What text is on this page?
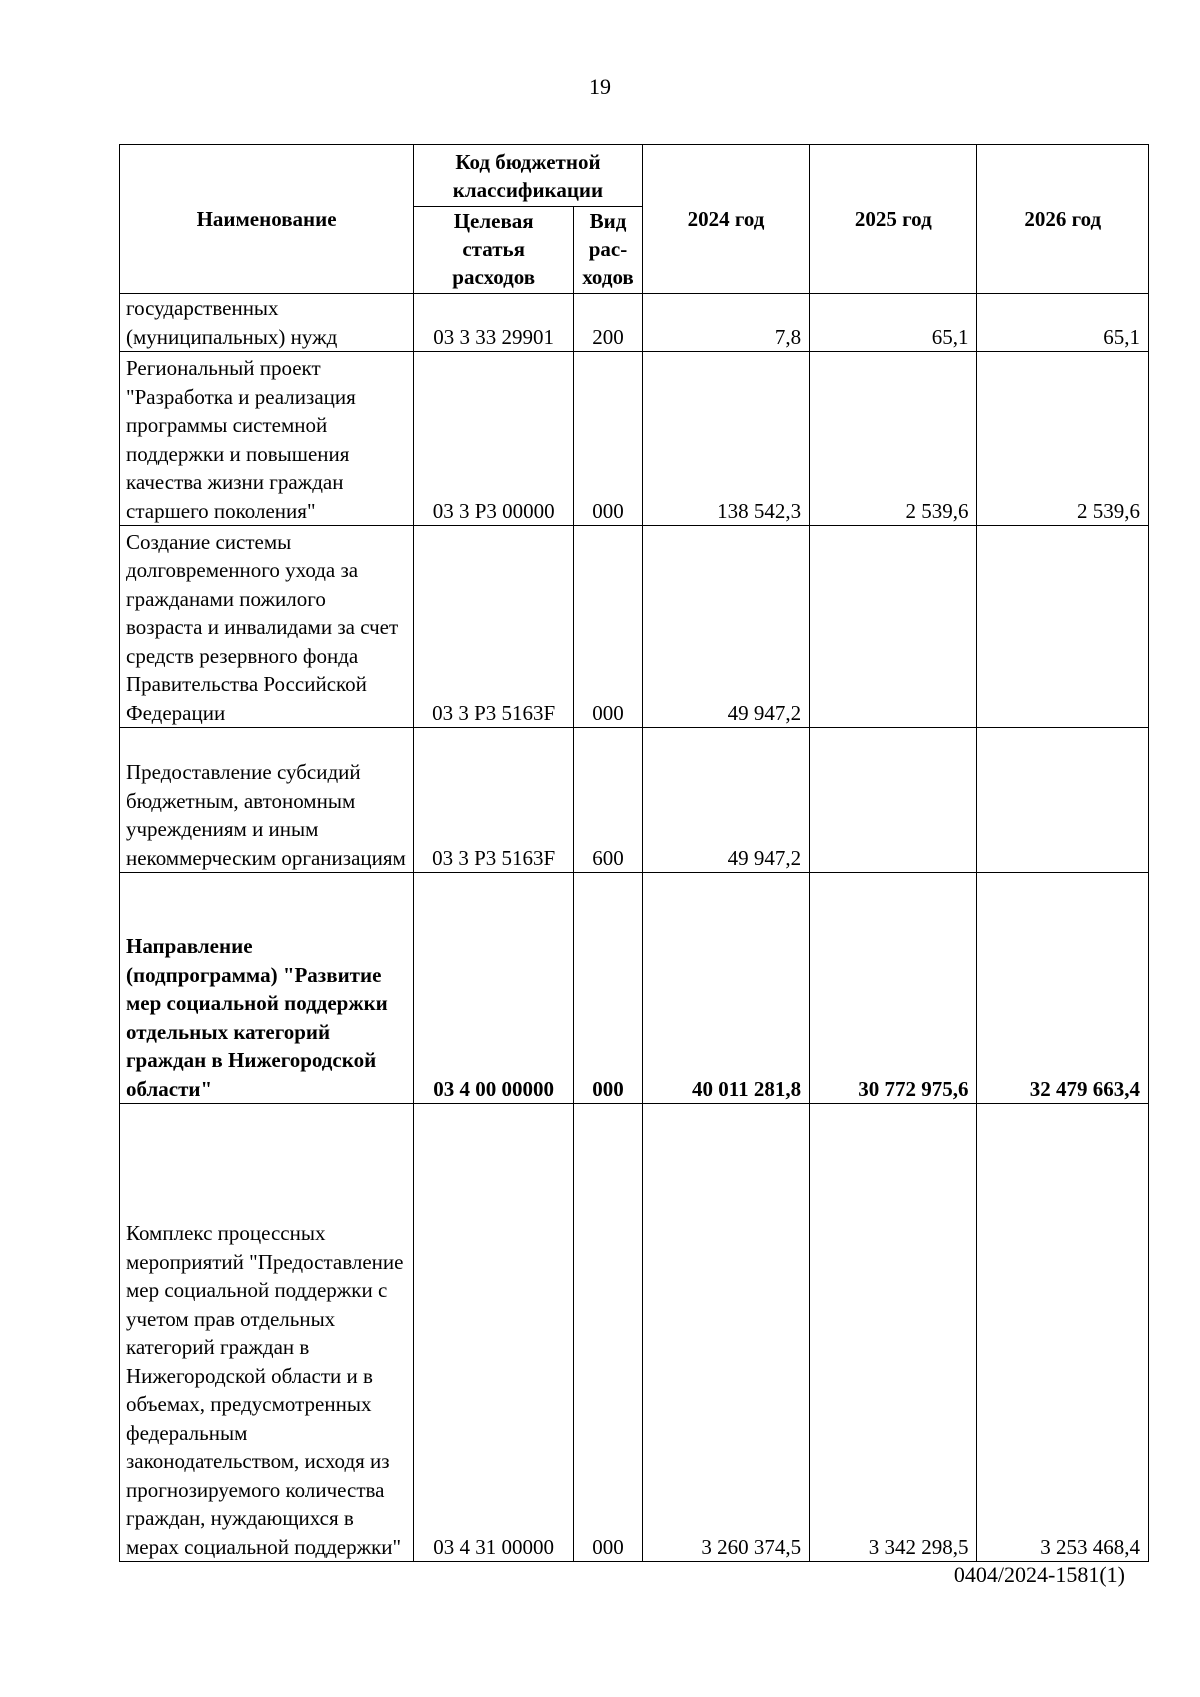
19
Наименование	Код бюджетной классификации		2024 год	2025 год	2026 год
	Целевая статья расходов	Вид рас-ходов			
государственных (муниципальных) нужд	03 3 33 29901	200	7,8	65,1	65,1
Региональный проект "Разработка и реализация программы системной поддержки и повышения качества жизни граждан старшего поколения"	03 3 P3 00000	000	138 542,3	2 539,6	2 539,6
Создание системы долговременного ухода за гражданами пожилого возраста и инвалидами за счет средств резервного фонда Правительства Российской Федерации	03 3 P3 5163F	000	49 947,2		
Предоставление субсидий бюджетным, автономным учреждениям и иным некоммерческим организациям	03 3 P3 5163F	600	49 947,2		
Направление (подпрограмма) "Развитие мер социальной поддержки отдельных категорий граждан в Нижегородской области"	03 4 00 00000	000	40 011 281,8	30 772 975,6	32 479 663,4
Комплекс процессных мероприятий "Предоставление мер социальной поддержки с учетом прав отдельных категорий граждан в Нижегородской области и в объемах, предусмотренных федеральным законодательством, исходя из прогнозируемого количества граждан, нуждающихся в мерах социальной поддержки"	03 4 31 00000	000	3 260 374,5	3 342 298,5	3 253 468,4
0404/2024-1581(1)
